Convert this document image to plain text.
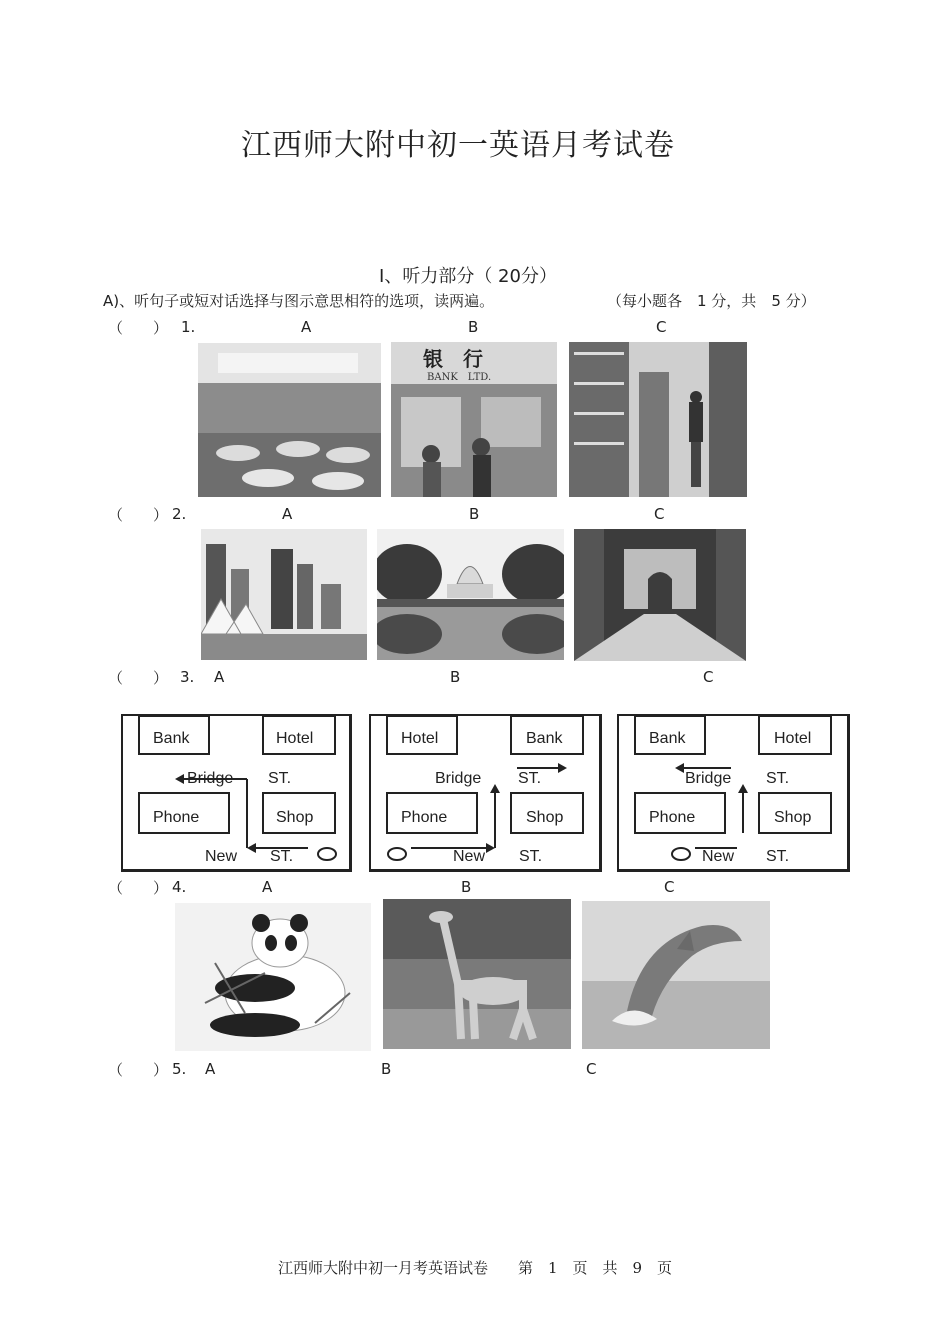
江西师大附中初一英语月考试卷
I、听力部分（ 20分）
A)、听句子或短对话选择与图示意思相符的选项，读两遍。	（每小题各　1 分，共　5 分）
（　　） 1.	A	B	C
银　行
BANK　LTD.
（　　） 2.	A	B	C
（　　） 3. A	B	C
Bank	Hotel
Bridge ST.
Phone	Shop
New ST.
Hotel	Bank
Bridge ST.
Phone	Shop
New ST.
Bank	Hotel
Bridge ST.
Phone	Shop
New ST.
（　　） 4.	A	B	C
（　　） 5. A	B	C
江西师大附中初一月考英语试卷　　第　1　页　共　9　页
